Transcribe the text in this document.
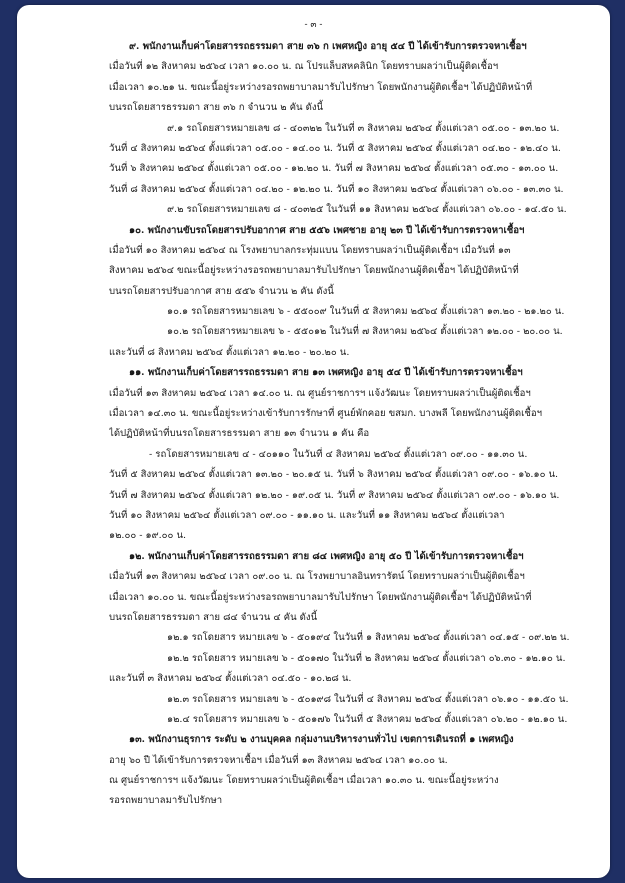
- ๓ -
๙. พนักงานเก็บค่าโดยสารรถธรรมดา สาย ๓๖ ก เพศหญิง อายุ ๕๔ ปี ได้เข้ารับการตรวจหาเชื้อฯ
เมื่อวันที่ ๑๒ สิงหาคม ๒๕๖๔ เวลา ๑๐.๐๐ น. ณ โปรแล็บสหคลินิก โดยทราบผลว่าเป็นผู้ติดเชื้อฯ
เมื่อเวลา ๑๐.๒๑ น. ขณะนี้อยู่ระหว่างรอรถพยาบาลมารับไปรักษา โดยพนักงานผู้ติดเชื้อฯ ได้ปฏิบัติหน้าที่
บนรถโดยสารธรรมดา สาย ๓๖ ก จำนวน ๒ คัน ดังนี้
๙.๑ รถโดยสารหมายเลข ๘ - ๔๐๓๒๒ ในวันที่ ๓ สิงหาคม ๒๕๖๔ ตั้งแต่เวลา ๐๕.๐๐ - ๑๓.๒๐ น.
วันที่ ๔ สิงหาคม ๒๕๖๔ ตั้งแต่เวลา ๐๕.๐๐ - ๑๔.๐๐ น. วันที่ ๕ สิงหาคม ๒๕๖๔ ตั้งแต่เวลา ๐๔.๒๐ - ๑๒.๔๐ น.
วันที่ ๖ สิงหาคม ๒๕๖๔ ตั้งแต่เวลา ๐๕.๐๐ - ๑๒.๒๐ น. วันที่ ๗ สิงหาคม ๒๕๖๔ ตั้งแต่เวลา ๐๕.๓๐ - ๑๓.๐๐ น.
วันที่ ๘ สิงหาคม ๒๕๖๔ ตั้งแต่เวลา ๐๔.๒๐ - ๑๒.๒๐ น. วันที่ ๑๐ สิงหาคม ๒๕๖๔ ตั้งแต่เวลา ๐๖.๐๐ - ๑๓.๓๐ น.
๙.๒ รถโดยสารหมายเลข ๘ - ๔๐๓๒๕ ในวันที่ ๑๑ สิงหาคม ๒๕๖๔ ตั้งแต่เวลา ๐๖.๐๐ - ๑๔.๕๐ น.
๑๐. พนักงานขับรถโดยสารปรับอากาศ สาย ๕๕๖ เพศชาย อายุ ๒๓ ปี ได้เข้ารับการตรวจหาเชื้อฯ
เมื่อวันที่ ๑๐ สิงหาคม ๒๕๖๔ ณ โรงพยาบาลกระทุ่มแบน โดยทราบผลว่าเป็นผู้ติดเชื้อฯ เมื่อวันที่ ๑๓
สิงหาคม ๒๕๖๔ ขณะนี้อยู่ระหว่างรอรถพยาบาลมารับไปรักษา โดยพนักงานผู้ติดเชื้อฯ ได้ปฏิบัติหน้าที่
บนรถโดยสารปรับอากาศ สาย ๕๕๖ จำนวน ๒ คัน ดังนี้
๑๐.๑ รถโดยสารหมายเลข ๖ - ๕๕๐๐๙ ในวันที่ ๕ สิงหาคม ๒๕๖๔ ตั้งแต่เวลา ๑๓.๒๐ - ๒๑.๒๐ น.
๑๐.๒ รถโดยสารหมายเลข ๖ - ๕๕๐๑๒ ในวันที่ ๗ สิงหาคม ๒๕๖๔ ตั้งแต่เวลา ๑๒.๐๐ - ๒๐.๐๐ น.
และวันที่ ๘ สิงหาคม ๒๕๖๔ ตั้งแต่เวลา ๑๒.๒๐ - ๒๐.๒๐ น.
๑๑. พนักงานเก็บค่าโดยสารรถธรรมดา สาย ๑๓ เพศหญิง อายุ ๕๔ ปี ได้เข้ารับการตรวจหาเชื้อฯ
เมื่อวันที่ ๑๓ สิงหาคม ๒๕๖๔ เวลา ๑๔.๐๐ น. ณ ศูนย์ราชการฯ แจ้งวัฒนะ โดยทราบผลว่าเป็นผู้ติดเชื้อฯ
เมื่อเวลา ๑๔.๓๐ น. ขณะนี้อยู่ระหว่างเข้ารับการรักษาที่ ศูนย์พักคอย ขสมก. บางพลี โดยพนักงานผู้ติดเชื้อฯ
ได้ปฏิบัติหน้าที่บนรถโดยสารธรรมดา สาย ๑๓ จำนวน ๑ คัน คือ
- รถโดยสารหมายเลข ๔ - ๔๐๑๑๐ ในวันที่ ๔ สิงหาคม ๒๕๖๔ ตั้งแต่เวลา ๐๙.๐๐ - ๑๑.๓๐ น.
วันที่ ๕ สิงหาคม ๒๕๖๔ ตั้งแต่เวลา ๑๓.๒๐ - ๒๐.๑๕ น. วันที่ ๖ สิงหาคม ๒๕๖๔ ตั้งแต่เวลา ๐๙.๐๐ - ๑๖.๑๐ น.
วันที่ ๗ สิงหาคม ๒๕๖๔ ตั้งแต่เวลา ๑๒.๒๐ - ๑๙.๐๕ น. วันที่ ๙ สิงหาคม ๒๕๖๔ ตั้งแต่เวลา ๐๙.๐๐ - ๑๖.๑๐ น.
วันที่ ๑๐ สิงหาคม ๒๕๖๔ ตั้งแต่เวลา ๐๙.๐๐ - ๑๑.๑๐ น. และวันที่ ๑๑ สิงหาคม ๒๕๖๔ ตั้งแต่เวลา
๑๒.๐๐ - ๑๙.๐๐ น.
๑๒. พนักงานเก็บค่าโดยสารรถธรรมดา สาย ๘๔ เพศหญิง อายุ ๕๐ ปี ได้เข้ารับการตรวจหาเชื้อฯ
เมื่อวันที่ ๑๓ สิงหาคม ๒๕๖๔ เวลา ๐๙.๐๐ น. ณ โรงพยาบาลอินทรารัตน์ โดยทราบผลว่าเป็นผู้ติดเชื้อฯ
เมื่อเวลา ๑๐.๐๐ น. ขณะนี้อยู่ระหว่างรอรถพยาบาลมารับไปรักษา โดยพนักงานผู้ติดเชื้อฯ ได้ปฏิบัติหน้าที่
บนรถโดยสารธรรมดา สาย ๘๔ จำนวน ๔ คัน ดังนี้
๑๒.๑ รถโดยสาร หมายเลข ๖ - ๕๐๑๙๔ ในวันที่ ๑ สิงหาคม ๒๕๖๔ ตั้งแต่เวลา ๐๔.๑๕ - ๐๙.๒๒ น.
๑๒.๒ รถโดยสาร หมายเลข ๖ - ๕๐๑๗๐ ในวันที่ ๒ สิงหาคม ๒๕๖๔ ตั้งแต่เวลา ๐๖.๓๐ - ๑๒.๑๐ น.
และวันที่ ๓ สิงหาคม ๒๕๖๔ ตั้งแต่เวลา ๐๔.๕๐ - ๑๐.๒๘ น.
๑๒.๓ รถโดยสาร หมายเลข ๖ - ๕๐๑๙๘ ในวันที่ ๔ สิงหาคม ๒๕๖๔ ตั้งแต่เวลา ๐๖.๑๐ - ๑๑.๕๐ น.
๑๒.๔ รถโดยสาร หมายเลข ๖ - ๕๐๑๗๖ ในวันที่ ๕ สิงหาคม ๒๕๖๔ ตั้งแต่เวลา ๐๖.๒๐ - ๑๒.๑๐ น.
๑๓. พนักงานธุรการ ระดับ ๒ งานบุคคล กลุ่มงานบริหารงานทั่วไป เขตการเดินรถที่ ๑ เพศหญิง
อายุ ๖๐ ปี ได้เข้ารับการตรวจหาเชื้อฯ เมื่อวันที่ ๑๓ สิงหาคม ๒๕๖๔ เวลา ๑๐.๐๐ น.
ณ ศูนย์ราชการฯ แจ้งวัฒนะ โดยทราบผลว่าเป็นผู้ติดเชื้อฯ เมื่อเวลา ๑๐.๓๐ น. ขณะนี้อยู่ระหว่าง
รอรถพยาบาลมารับไปรักษา
